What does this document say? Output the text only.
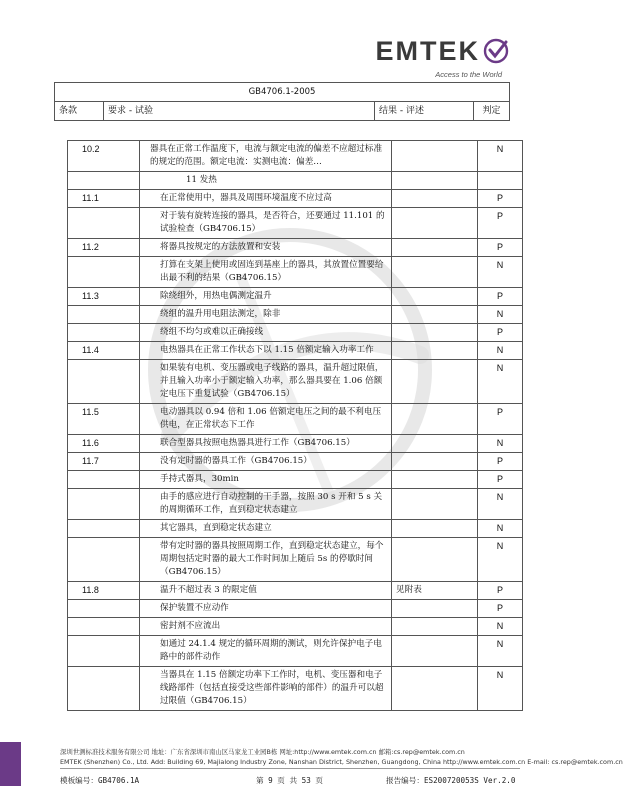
EMTEK
Access to the World
GB4706.1-2005
条款	要求 - 试验	结果 - 评述	判定
10.2	器具在正常工作温度下，电流与额定电流的偏差不应超过标准的规定的范围。额定电流：实测电流：偏差…		N
	11 发热		
11.1	在正常使用中，器具及周围环境温度不应过高		P
	对于装有旋转连接的器具，是否符合，还要通过 11.101 的试验检查（GB4706.15）		P
11.2	将器具按规定的方法放置和安装		P
	打算在支架上使用或固连到基座上的器具，其放置位置要给出最不利的结果（GB4706.15）		N
11.3	除绕组外，用热电偶测定温升		P
	绕组的温升用电阻法测定，除非		N
	绕组不均匀或难以正确接线		P
11.4	电热器具在正常工作状态下以 1.15 倍额定输入功率工作		N
	如果装有电机、变压器或电子线路的器具，温升超过限值，并且输入功率小于额定输入功率，那么器具要在 1.06 倍额定电压下重复试验（GB4706.15）		N
11.5	电动器具以 0.94 倍和 1.06 倍额定电压之间的最不利电压供电，在正常状态下工作		P
11.6	联合型器具按照电热器具进行工作（GB4706.15）		N
11.7	没有定时器的器具工作（GB4706.15）		P
	手持式器具，30min		P
	由手的感应进行自动控制的干手器，按照 30 s 开和 5 s 关的周期循环工作，直到稳定状态建立		N
	其它器具，直到稳定状态建立		N
	带有定时器的器具按照周期工作，直到稳定状态建立，每个周期包括定时器的最大工作时间加上随后 5s 的停歇时间（GB4706.15）		N
11.8	温升不超过表 3 的限定值	见附表	P
	保护装置不应动作		P
	密封剂不应流出		N
	如通过 24.1.4 规定的循环周期的测试，则允许保护电子电路中的部件动作		N
	当器具在 1.15 倍额定功率下工作时，电机、变压器和电子线路部件（包括直接受这些部件影响的部件）的温升可以超过限值（GB4706.15）		N
深圳世测标准技术服务有限公司 地址：广东省深圳市南山区马家龙工业园B栋 网址:http://www.emtek.com.cn 邮箱:cs.rep@emtek.com.cn
EMTEK (Shenzhen) Co., Ltd. Add: Building 69, Majialong Industry Zone, Nanshan District, Shenzhen, Guangdong, China http://www.emtek.com.cn E-mail: cs.rep@emtek.com.cn
模板编号：GB4706.1A	第 9 页 共 53 页	报告编号：ES200720053S Ver.2.0
